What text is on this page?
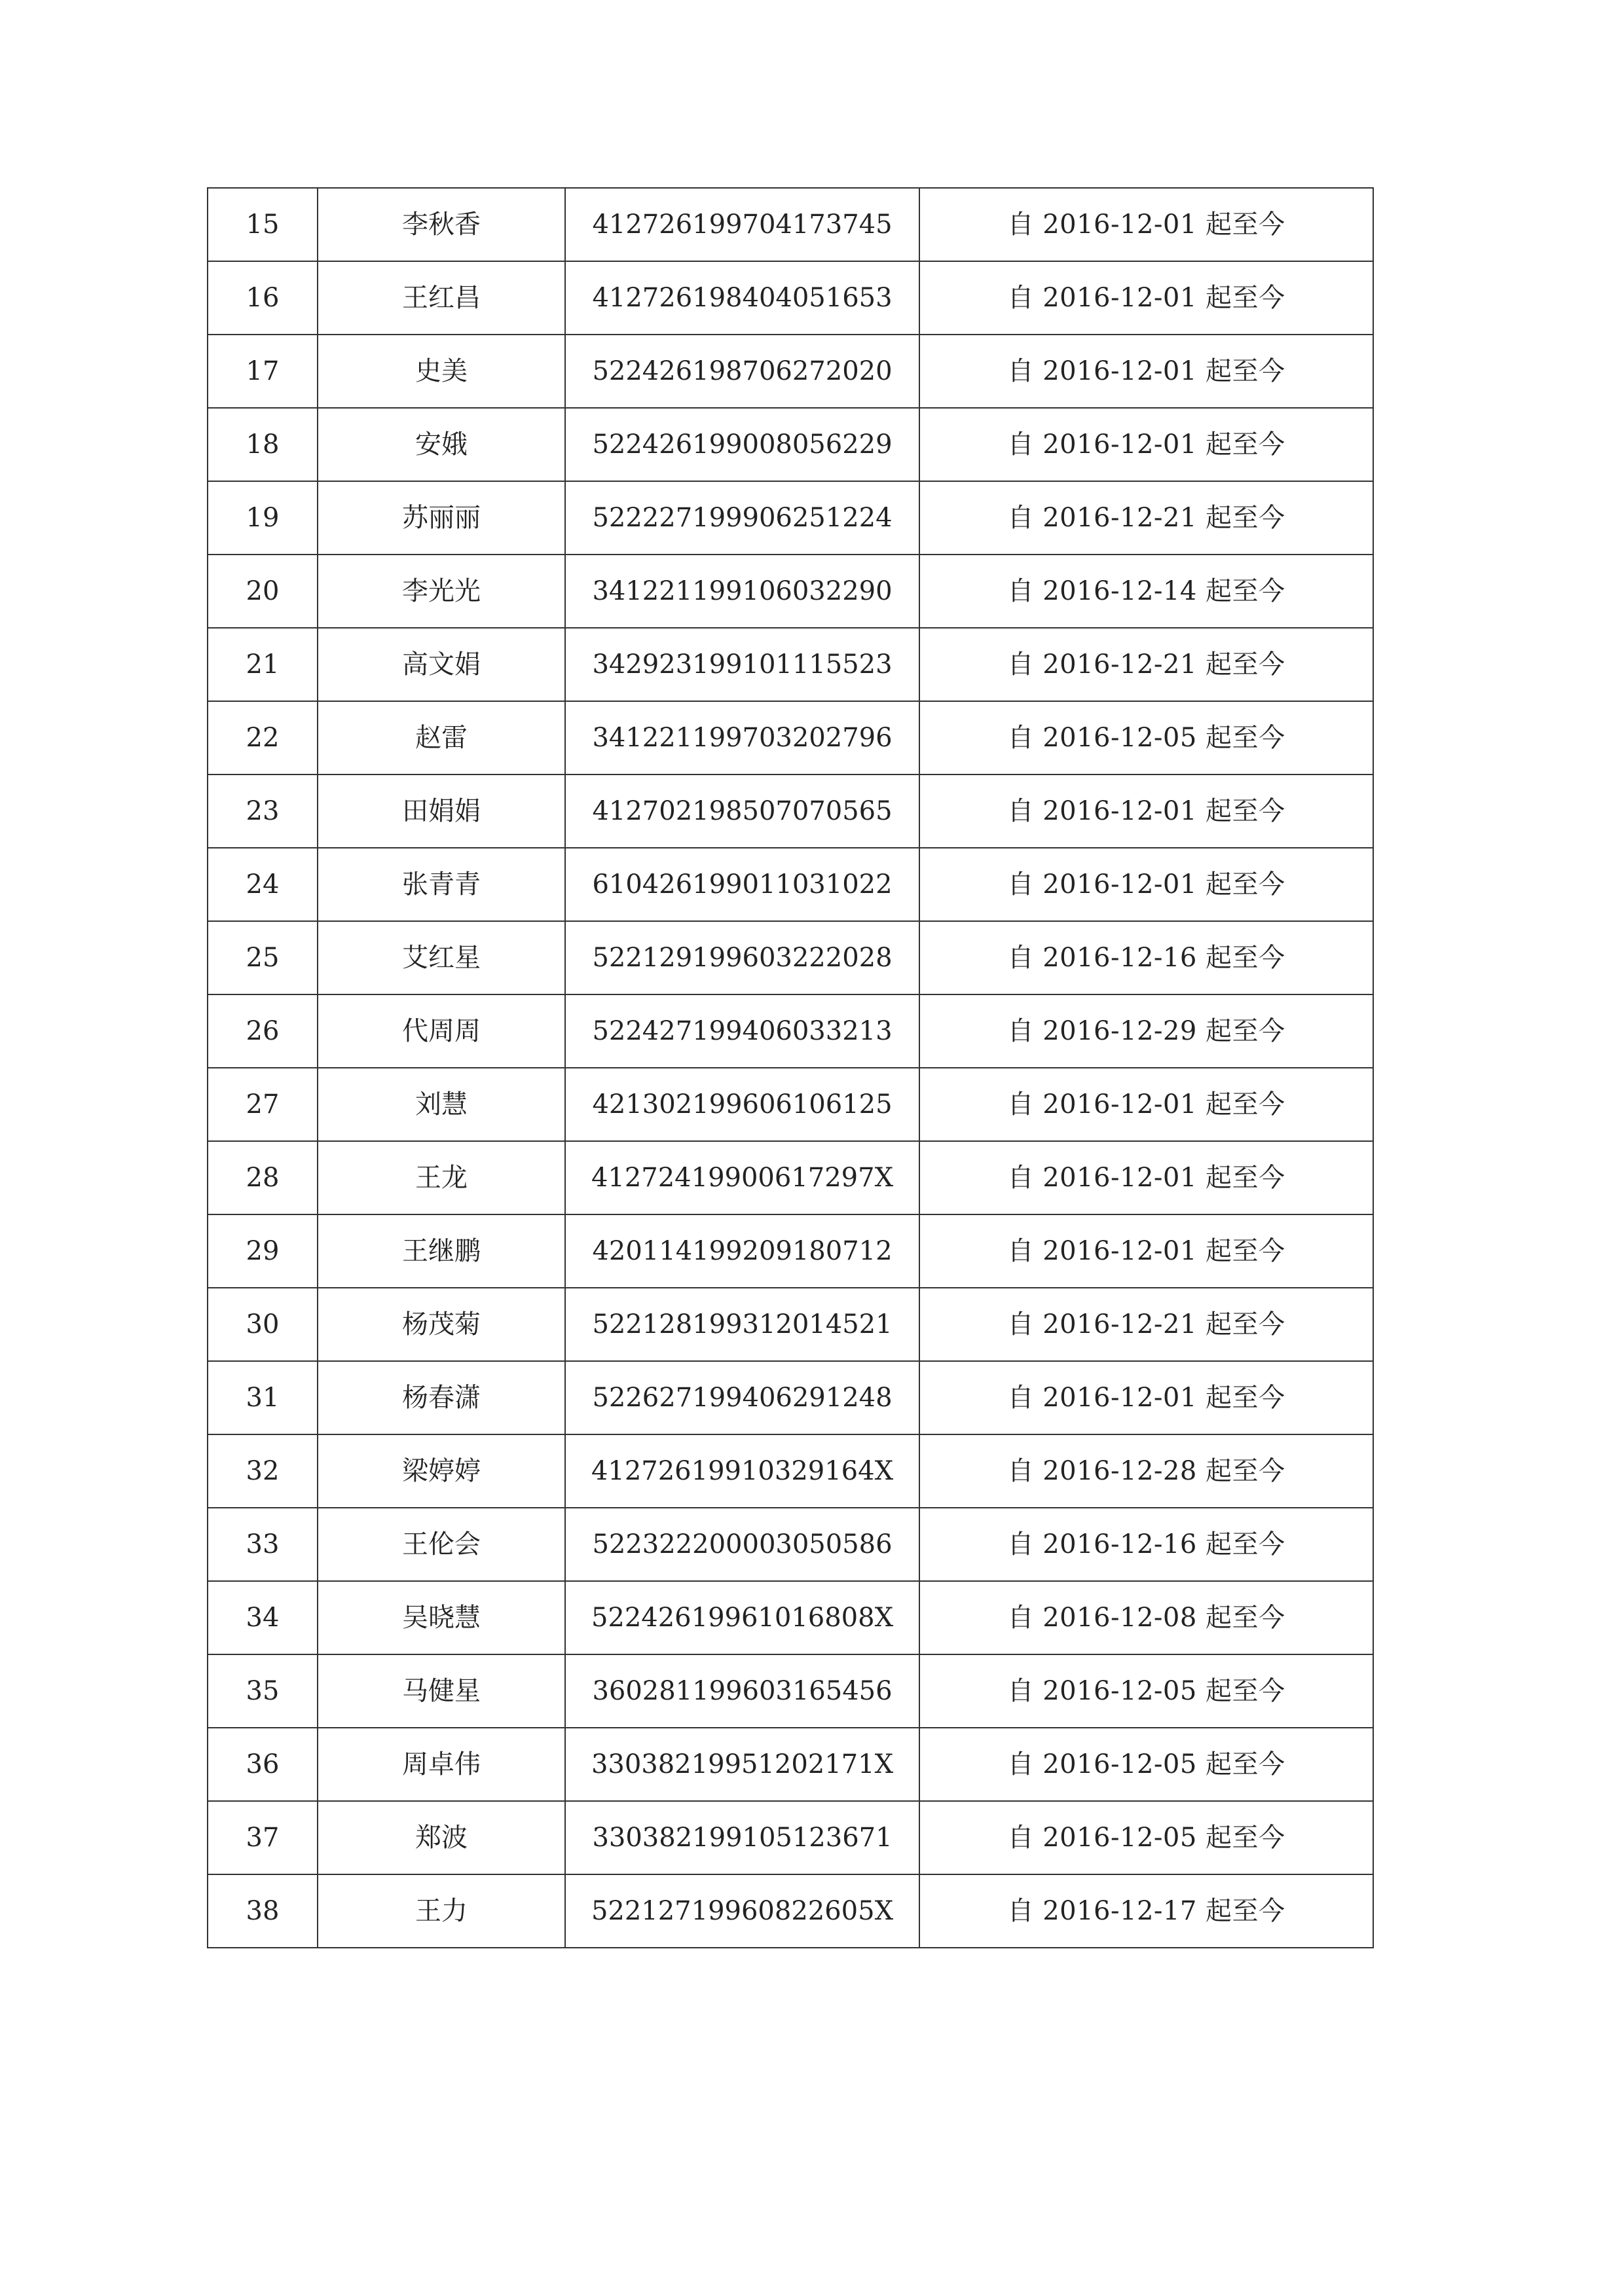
15	李秋香	412726199704173745	自 2016-12-01 起至今
16	王红昌	412726198404051653	自 2016-12-01 起至今
17	史美	522426198706272020	自 2016-12-01 起至今
18	安娥	522426199008056229	自 2016-12-01 起至今
19	苏丽丽	522227199906251224	自 2016-12-21 起至今
20	李光光	341221199106032290	自 2016-12-14 起至今
21	高文娟	342923199101115523	自 2016-12-21 起至今
22	赵雷	341221199703202796	自 2016-12-05 起至今
23	田娟娟	412702198507070565	自 2016-12-01 起至今
24	张青青	610426199011031022	自 2016-12-01 起至今
25	艾红星	522129199603222028	自 2016-12-16 起至今
26	代周周	522427199406033213	自 2016-12-29 起至今
27	刘慧	421302199606106125	自 2016-12-01 起至今
28	王龙	41272419900617297X	自 2016-12-01 起至今
29	王继鹏	420114199209180712	自 2016-12-01 起至今
30	杨茂菊	522128199312014521	自 2016-12-21 起至今
31	杨春潇	522627199406291248	自 2016-12-01 起至今
32	梁婷婷	41272619910329164X	自 2016-12-28 起至今
33	王伦会	522322200003050586	自 2016-12-16 起至今
34	吴晓慧	52242619961016808X	自 2016-12-08 起至今
35	马健星	360281199603165456	自 2016-12-05 起至今
36	周卓伟	33038219951202171X	自 2016-12-05 起至今
37	郑波	330382199105123671	自 2016-12-05 起至今
38	王力	52212719960822605X	自 2016-12-17 起至今
